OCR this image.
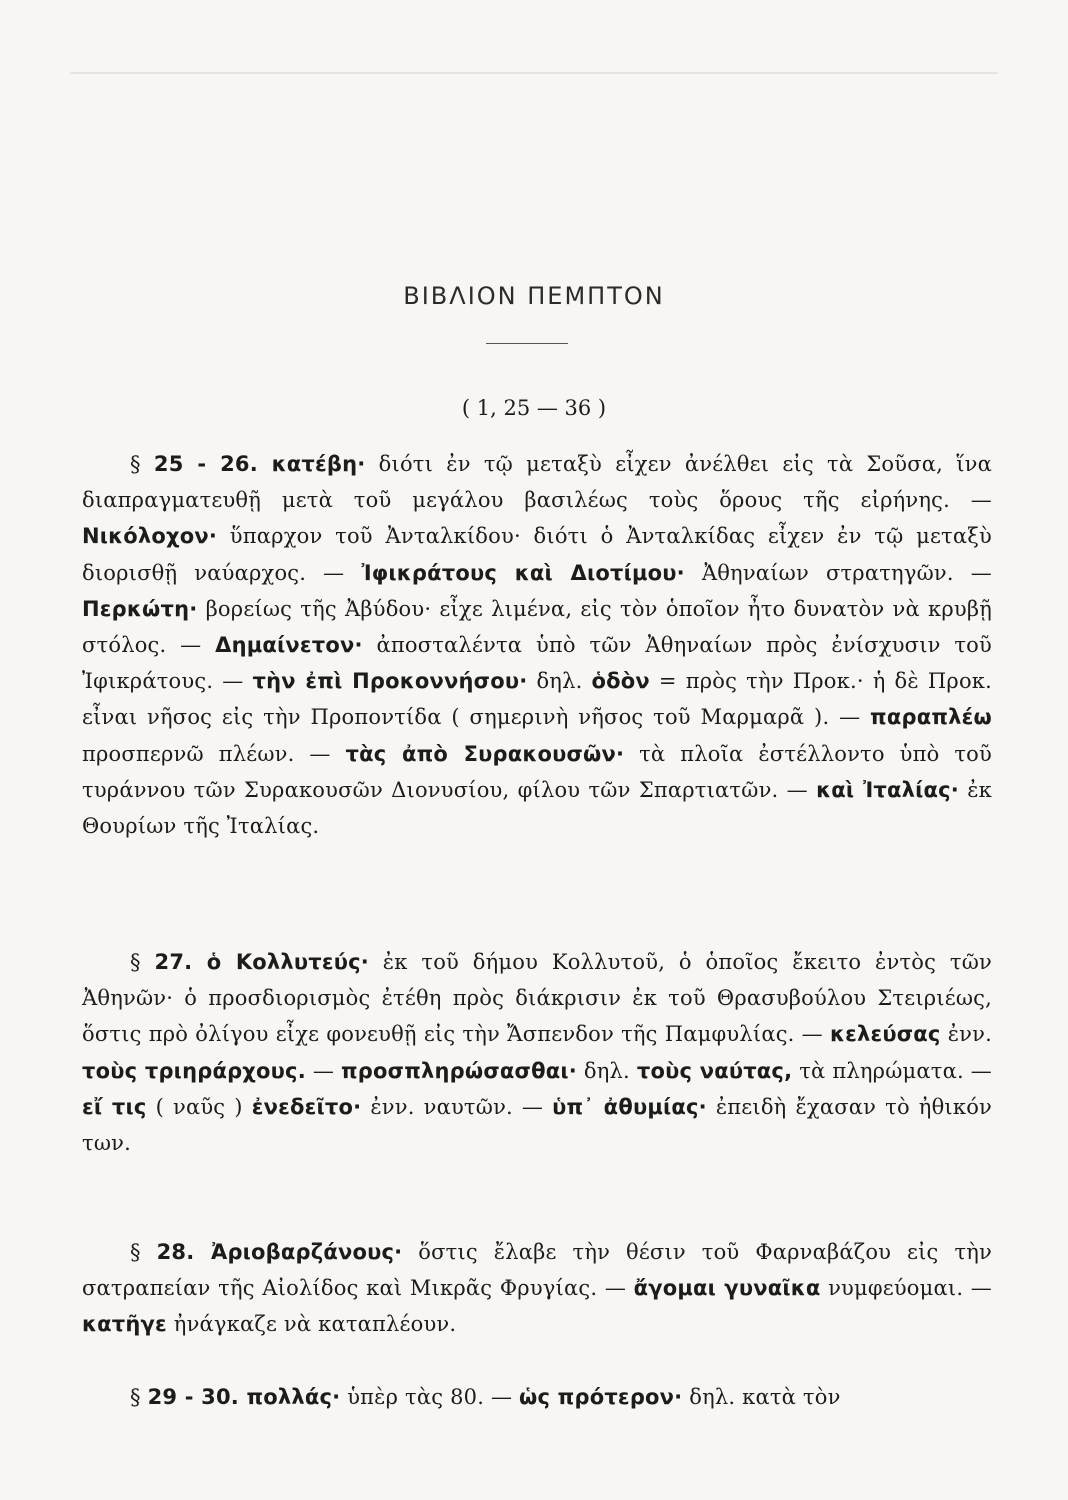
ΒΙΒΛΙΟΝ ΠΕΜΠΤΟΝ
( 1, 25 — 36 )

§ 25 - 26. κατέβη· διότι ἐν τῷ μεταξὺ εἶχεν ἀνέλθει εἰς τὰ Σοῦσα, ἵνα διαπραγματευθῇ μετὰ τοῦ μεγάλου βασιλέως τοὺς ὅρους τῆς εἰρήνης. — Νικόλοχον· ὕπαρχον τοῦ Ἀνταλκίδου· διότι ὁ Ἀνταλκίδας εἶχεν ἐν τῷ μεταξὺ διορισθῇ ναύαρχος. — Ἰφικράτους καὶ Διοτίμου· Ἀθηναίων στρατηγῶν. — Περκώτη· βορείως τῆς Ἀβύδου· εἶχε λιμένα, εἰς τὸν ὁποῖον ἦτο δυνατὸν νὰ κρυβῇ στόλος. — Δημαίνετον· ἀποσταλέντα ὑπὸ τῶν Ἀθηναίων πρὸς ἐνίσχυσιν τοῦ Ἰφικράτους. — τὴν ἐπὶ Προκοννήσου· δηλ. ὁδὸν = πρὸς τὴν Προκ.· ἡ δὲ Προκ. εἶναι νῆσος εἰς τὴν Προποντίδα ( σημερινὴ νῆσος τοῦ Μαρμαρᾶ ). — παραπλέω προσπερνῶ πλέων. — τὰς ἀπὸ Συρακουσῶν· τὰ πλοῖα ἐστέλλοντο ὑπὸ τοῦ τυράννου τῶν Συρακουσῶν Διονυσίου, φίλου τῶν Σπαρτιατῶν. — καὶ Ἰταλίας· ἐκ Θουρίων τῆς Ἰταλίας.

§ 27. ὁ Κολλυτεύς· ἐκ τοῦ δήμου Κολλυτοῦ, ὁ ὁποῖος ἔκειτο ἐντὸς τῶν Ἀθηνῶν· ὁ προσδιορισμὸς ἐτέθη πρὸς διάκρισιν ἐκ τοῦ Θρασυβούλου Στειριέως, ὅστις πρὸ ὀλίγου εἶχε φονευθῇ εἰς τὴν Ἄσπενδον τῆς Παμφυλίας. — κελεύσας ἐνν. τοὺς τριηράρχους. — προσπληρώσασθαι· δηλ. τοὺς ναύτας, τὰ πληρώματα. — εἴ τις ( ναῦς ) ἐνεδεῖτο· ἐνν. ναυτῶν. — ὑπ᾽ ἀθυμίας· ἐπειδὴ ἔχασαν τὸ ἠθικόν των.

§ 28. Ἀριοβαρζάνους· ὅστις ἔλαβε τὴν θέσιν τοῦ Φαρναβάζου εἰς τὴν σατραπείαν τῆς Αἰολίδος καὶ Μικρᾶς Φρυγίας. — ἄγομαι γυναῖκα νυμφεύομαι. — κατῆγε ἠνάγκαζε νὰ καταπλέουν.

§ 29 - 30. πολλάς· ὑπὲρ τὰς 80. — ὡς πρότερον· δηλ. κατὰ τὸν
